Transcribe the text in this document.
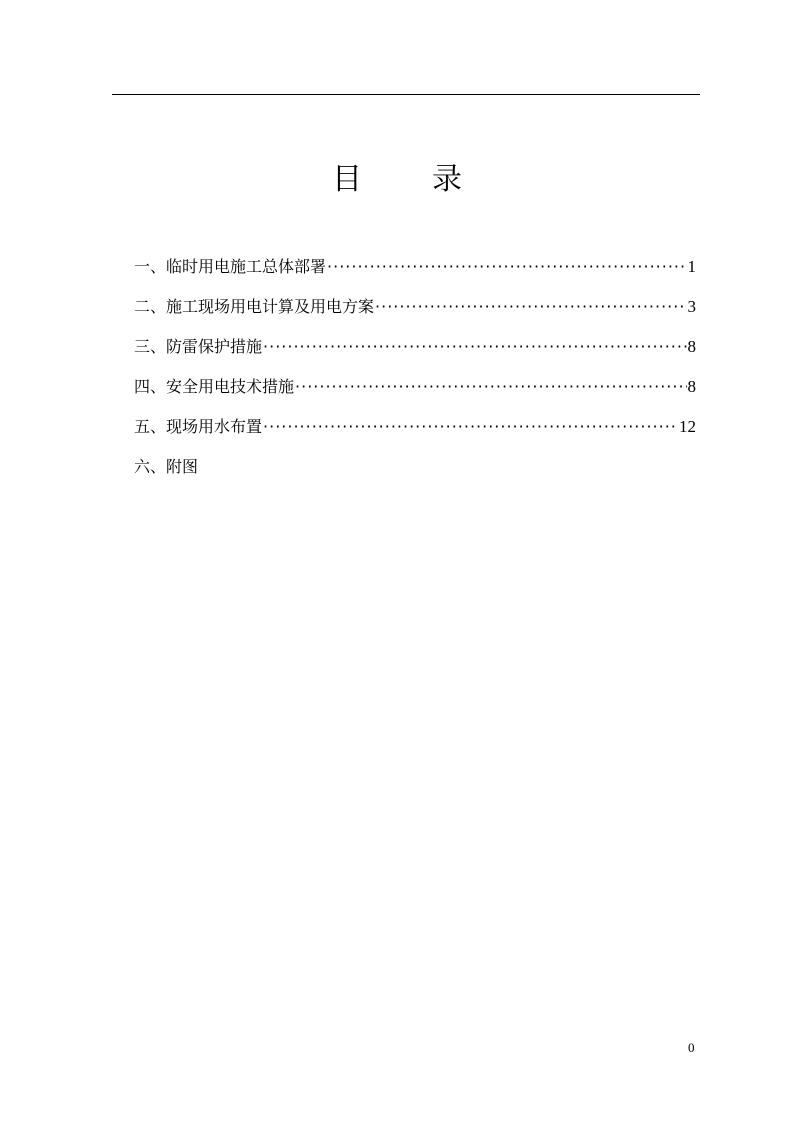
目 录
一、 临时用电施工总体部署 ·····	1
二、 施工现场用电计算及用电方案 ·····	3
三、 防雷保护措施 ·····	8
四、 安全用电技术措施 ·····	8
五、 现场用水布置 ·····	12
六、 附图
0
